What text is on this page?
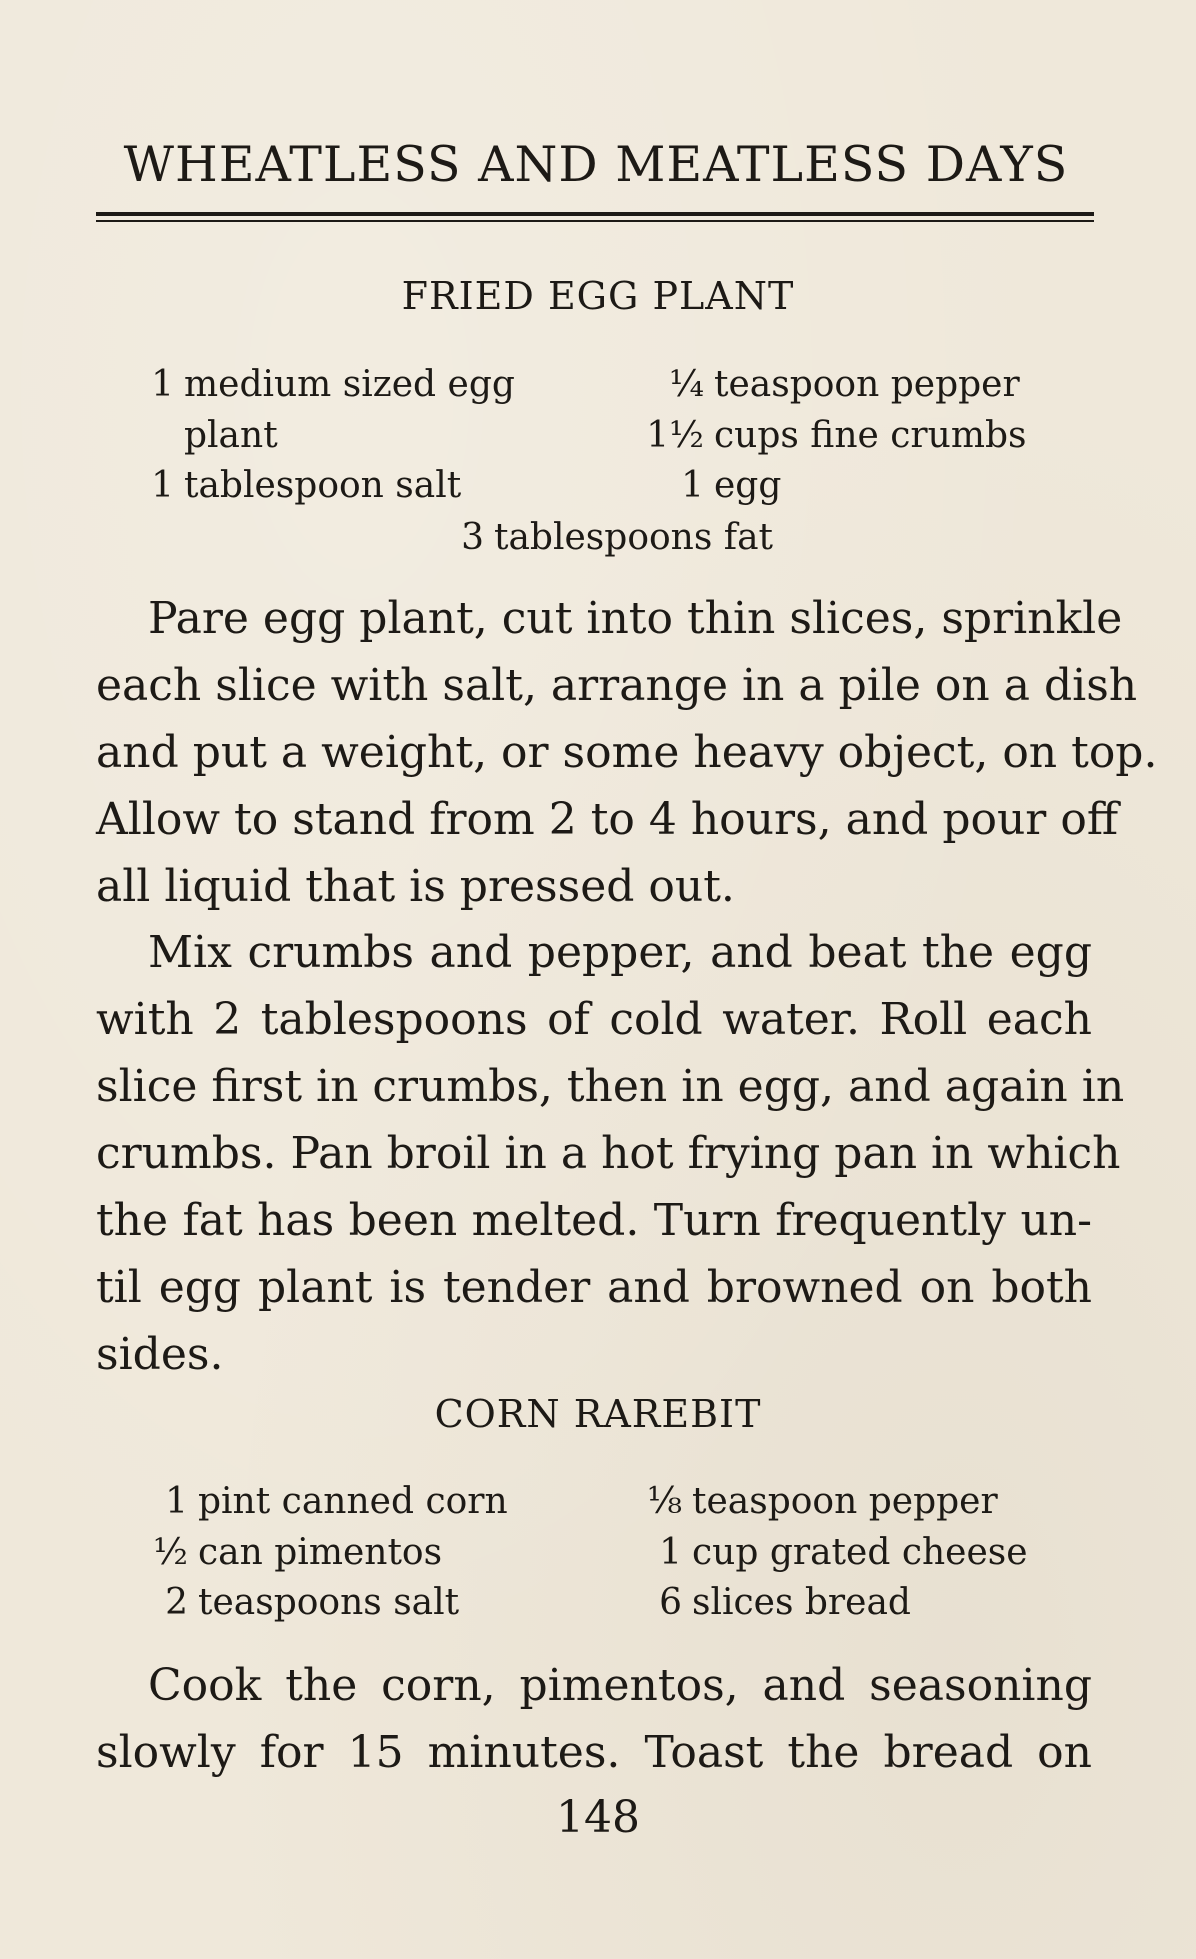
WHEATLESS AND MEATLESS DAYS
FRIED EGG PLANT
1 medium sized egg
plant
1 tablespoon salt
¼ teaspoon pepper
1½ cups fine crumbs
1 egg
3 tablespoons fat
Pare egg plant, cut into thin slices, sprinkle
each slice with salt, arrange in a pile on a dish
and put a weight, or some heavy object, on top.
Allow to stand from 2 to 4 hours, and pour off
all liquid that is pressed out.
Mix crumbs and pepper, and beat the egg
with 2 tablespoons of cold water. Roll each
slice first in crumbs, then in egg, and again in
crumbs. Pan broil in a hot frying pan in which
the fat has been melted. Turn frequently un-
til egg plant is tender and browned on both
sides.
CORN RAREBIT
1 pint canned corn
½ can pimentos
2 teaspoons salt
⅛ teaspoon pepper
1 cup grated cheese
6 slices bread
Cook the corn, pimentos, and seasoning
slowly for 15 minutes. Toast the bread on
148
